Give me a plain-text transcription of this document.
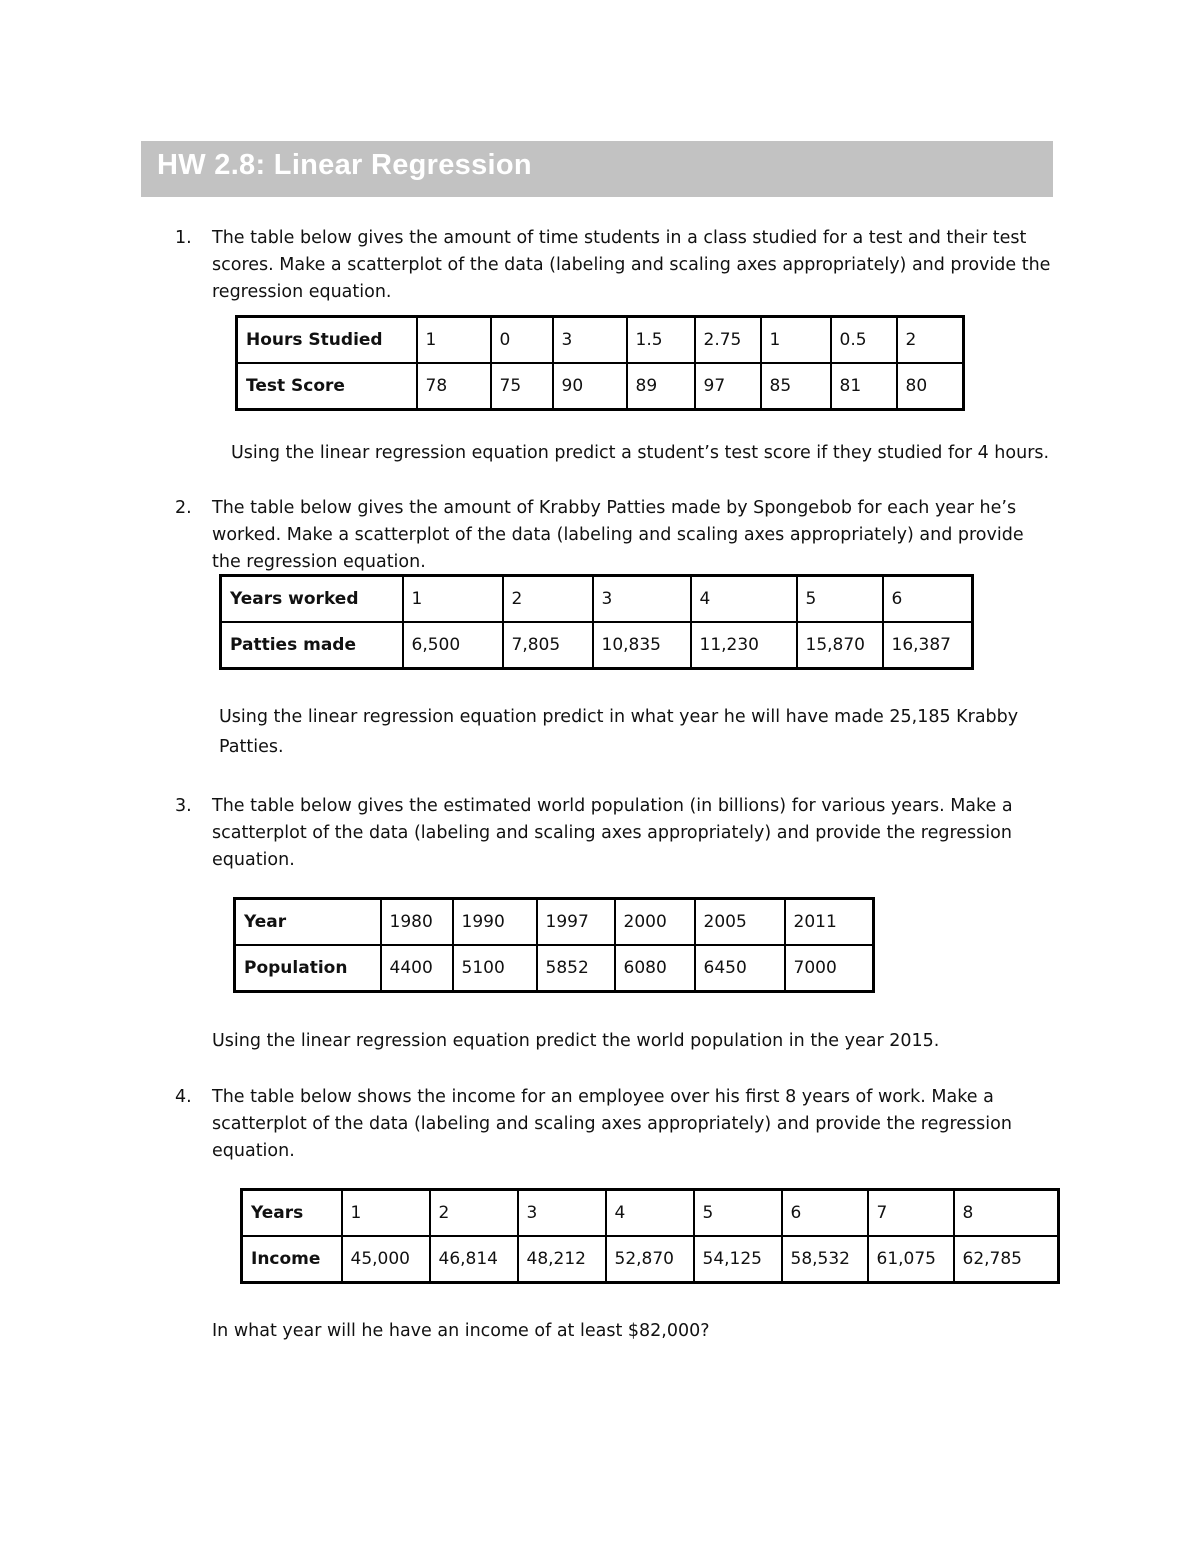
HW 2.8: Linear Regression
1. The table below gives the amount of time students in a class studied for a test and their test
scores. Make a scatterplot of the data (labeling and scaling axes appropriately) and provide the
regression equation.
Hours Studied	1	0	3	1.5	2.75	1	0.5	2
Test Score	78	75	90	89	97	85	81	80
Using the linear regression equation predict a student’s test score if they studied for 4 hours.
2. The table below gives the amount of Krabby Patties made by Spongebob for each year he’s
worked. Make a scatterplot of the data (labeling and scaling axes appropriately) and provide
the regression equation.
Years worked	1	2	3	4	5	6
Patties made	6,500	7,805	10,835	11,230	15,870	16,387
Using the linear regression equation predict in what year he will have made 25,185 Krabby
Patties.
3. The table below gives the estimated world population (in billions) for various years. Make a
scatterplot of the data (labeling and scaling axes appropriately) and provide the regression
equation.
Year	1980	1990	1997	2000	2005	2011
Population	4400	5100	5852	6080	6450	7000
Using the linear regression equation predict the world population in the year 2015.
4. The table below shows the income for an employee over his first 8 years of work. Make a
scatterplot of the data (labeling and scaling axes appropriately) and provide the regression
equation.
Years	1	2	3	4	5	6	7	8
Income	45,000	46,814	48,212	52,870	54,125	58,532	61,075	62,785
In what year will he have an income of at least $82,000?
